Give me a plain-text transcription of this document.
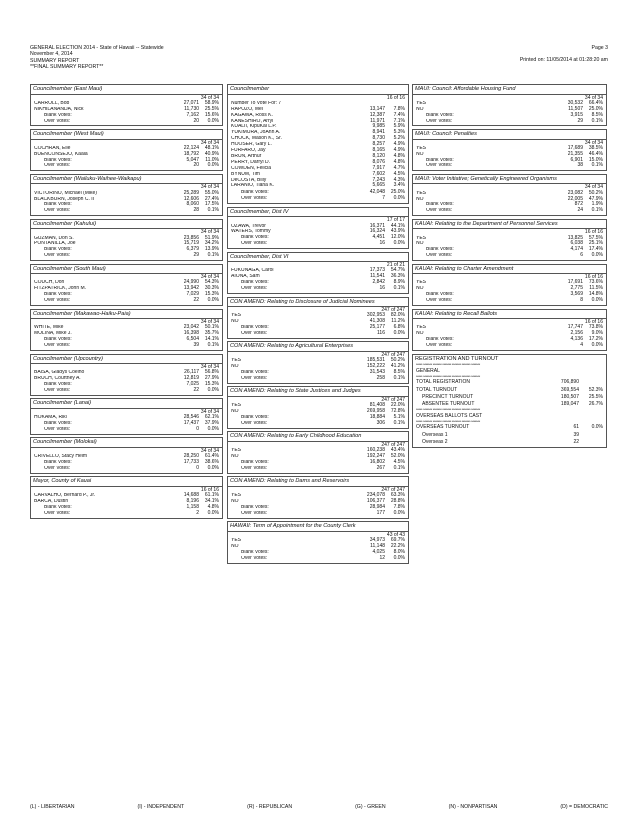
GENERAL ELECTION 2014 - State of Hawaii -- Statewide
November 4, 2014
SUMMARY REPORT
**FINAL SUMMARY REPORT**
Page 3
Printed on: 11/05/2014 at 01:28:20 am
Councilmember (East Maui)
34 of 34
CARROLL, Bob	27,071	58.9%
NIKHILANANDA, Nick	11,730	25.5%
Blank Votes:	7,162	15.6%
Over Votes:	20	0.0%
Councilmember (West Maui)
34 of 34
COCHRAN, Elle	22,124	48.1%
BUENCONSEJO, Kaala	18,792	40.9%
Blank Votes:	5,047	11.0%
Over Votes:	20	0.0%
Councilmember (Wailuku-Waihee-Waikapu)
34 of 34
VICTORINO, Michael (Mike)	25,289	55.0%
BLACKBURN, Joseph C. II	12,606	27.4%
Blank Votes:	8,060	17.5%
Over Votes:	28	0.1%
Councilmember (Kahului)
34 of 34
GUZMAN, Don S.	23,856	51.9%
PONTANILLA, Joe	15,719	34.2%
Blank Votes:	6,379	13.9%
Over Votes:	29	0.1%
Councilmember (South Maui)
34 of 34
COUCH, Don	24,990	54.3%
FITZPATRICK, John M.	13,942	30.3%
Blank Votes:	7,029	15.3%
Over Votes:	22	0.0%
Councilmember (Makawao-Haiku-Paia)
34 of 34
WHITE, Mike	23,042	50.1%
MOLINA, Mike J.	16,398	35.7%
Blank Votes:	6,504	14.1%
Over Votes:	39	0.1%
Councilmember (Upcountry)
34 of 34
BAISA, Gladys Coelho	26,117	56.8%
BRUCH, Courtney A.	12,819	27.9%
Blank Votes:	7,025	15.3%
Over Votes:	22	0.0%
Councilmember (Lanai)
34 of 34
HOKAMA, Riki	28,546	62.1%
Blank Votes:	17,437	37.9%
Over Votes:	0	0.0%
Councilmember (Molokai)
34 of 34
CRIVELLO, Stacy Helm	28,250	61.4%
Blank Votes:	17,733	38.6%
Over Votes:	0	0.0%
Mayor, County of Kauai
16 of 16
CARVALHO, Bernard P., Jr.	14,688	61.1%
BARCA, Dustin	8,196	34.1%
Blank Votes:	1,158	4.8%
Over Votes:	2	0.0%
Councilmember
16 of 16
Number To Vote For: 7
RAPOZO, Mel	13,147	7.8%
KAGAWA, Ross K.	12,387	7.4%
KANESHIRO, Arryl	11,971	7.1%
KUALII, KipuKai L.P.	9,985	5.9%
YUKIMURA, JoAnn A.	8,941	5.3%
CHOCK, Mason K., Sr.	8,730	5.2%
HOOSER, Gary L.	8,257	4.9%
FURFARO, Jay	8,165	4.9%
BRUN, Arthur	8,120	4.8%
PERRY, Darryl D.	8,076	4.8%
COWDEN, Felicia	7,917	4.7%
BYNUM, Tim	7,602	4.5%
DeCOSTA, Billy	7,243	4.3%
LARANIO, Tiana K.	5,665	3.4%
Blank Votes:	42,048	25.0%
Over Votes:	7	0.0%
Councilmember, Dist IV
17 of 17
OZAWA, Trevor	16,371	44.1%
WATERS, Tommy	16,324	43.9%
Blank Votes:	4,451	12.0%
Over Votes:	16	0.0%
Councilmember, Dist VI
21 of 21
FUKUNAGA, Carol	17,373	54.7%
AIONA, Sam	11,541	36.3%
Blank Votes:	2,842	8.9%
Over Votes:	16	0.1%
CON AMEND: Relating to Disclosure of Judicial Nominees
247 of 247
YES	302,953	82.0%
NO	41,308	11.2%
Blank Votes:	25,177	6.8%
Over Votes:	116	0.0%
CON AMEND: Relating to Agricultural Enterprises
247 of 247
YES	185,531	50.2%
NO	152,222	41.2%
Blank Votes:	31,543	8.5%
Over Votes:	258	0.1%
CON AMEND: Relating to State Justices and Judges
247 of 247
YES	81,408	22.0%
NO	269,958	72.8%
Blank Votes:	18,884	5.1%
Over Votes:	306	0.1%
CON AMEND: Relating to Early Childhood Education
247 of 247
YES	160,238	43.4%
NO	192,247	52.0%
Blank Votes:	16,802	4.5%
Over Votes:	267	0.1%
CON AMEND: Relating to Dams and Reservoirs
247 of 247
YES	234,078	63.3%
NO	106,377	28.8%
Blank Votes:	28,984	7.8%
Over Votes:	177	0.0%
HAWAII: Term of Appointment for the County Clerk
43 of 43
YES	34,973	69.7%
NO	11,148	22.2%
Blank Votes:	4,025	8.0%
Over Votes:	12	0.0%
MAUI: Council: Affordable Housing Fund
34 of 34
YES	30,532	66.4%
NO	11,507	25.0%
Blank Votes:	3,915	8.5%
Over Votes:	29	0.1%
MAUI: Council: Penalties
34 of 34
YES	17,689	38.5%
NO	21,355	46.4%
Blank Votes:	6,901	15.0%
Over Votes:	38	0.1%
MAUI: Voter Initiative; Genetically Engineered Organisms
34 of 34
YES	23,082	50.2%
NO	22,005	47.9%
Blank Votes:	872	1.9%
Over Votes:	24	0.1%
KAUAI: Relating to the Department of Personnel Services
16 of 16
YES	13,825	57.5%
NO	6,038	25.1%
Blank Votes:	4,174	17.4%
Over Votes:	6	0.0%
KAUAI: Relating to Charter Amendment
16 of 16
YES	17,691	73.6%
NO	2,775	11.5%
Blank Votes:	3,569	14.8%
Over Votes:	8	0.0%
KAUAI: Relating to Recall Ballots
16 of 16
YES	17,747	73.8%
NO	2,156	9.0%
Blank Votes:	4,136	17.2%
Over Votes:	4	0.0%
REGISTRATION AND TURNOUT
***** ******* ******* ******* ******* ******* *******
GENERAL
***** ******* ******* ******* ******* ******* *******
TOTAL REGISTRATION	706,890
TOTAL TURNOUT	369,554	52.3%
PRECINCT TURNOUT	180,507	25.5%
ABSENTEE TURNOUT	189,047	26.7%
***** ******* ******* ******* ******* ******* *******
OVERSEAS BALLOTS CAST
***** ******* ******* ******* ******* ******* *******
OVERSEAS TURNOUT	61	0.0%
Overseas 1	39
Overseas 2	22
(L) - LIBERTARIAN	(I) - INDEPENDENT	(R) - REPUBLICAN	(G) - GREEN	(N) - NONPARTISAN	(D) = DEMOCRATIC
